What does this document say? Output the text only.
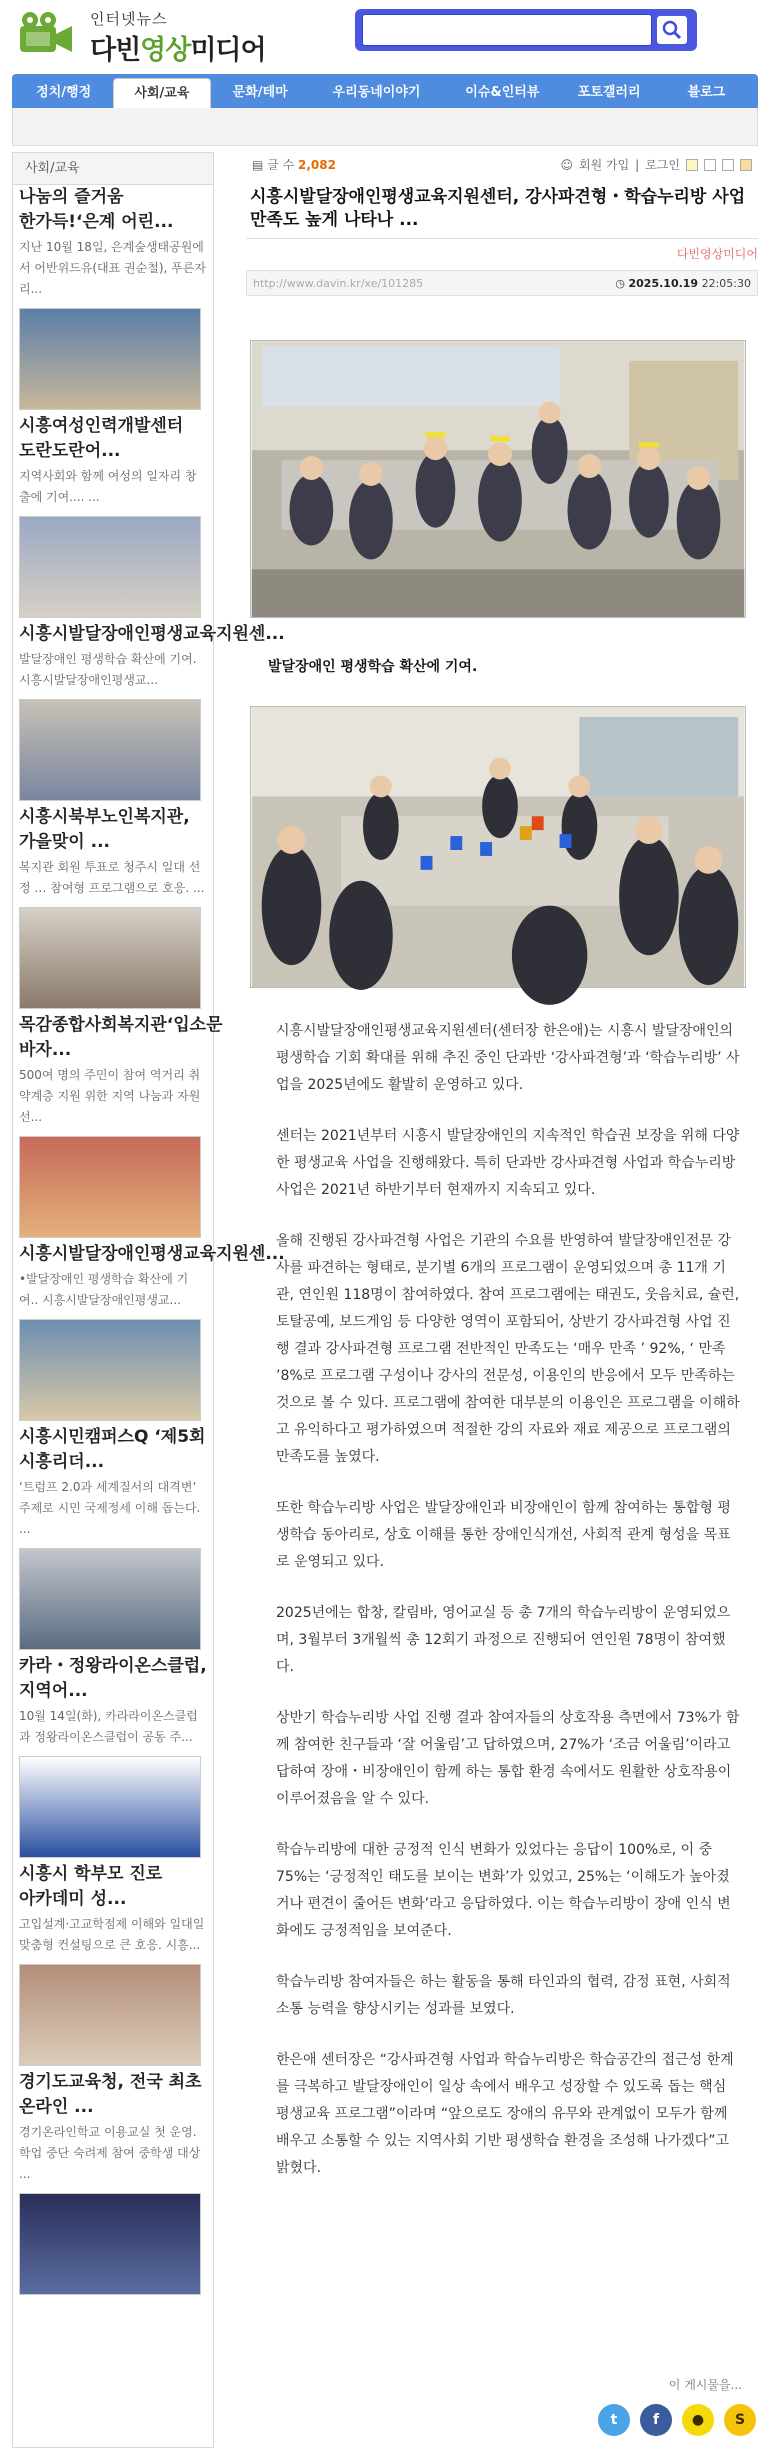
인터넷뉴스
다빈영상미디어
정치/행정	사회/교육	문화/테마	우리동네이야기	이슈&인터뷰	포토갤러리	블로그
사회/교육
나눔의 즐거움 한가득!‘은계 어린...
지난 10월 18일, 은계숲생태공원에서 어반위드유(대표 권순철), 푸른자리...
시흥여성인력개발센터 도란도란어...
지역사회와 함께 여성의 일자리 창출에 기여.... ...
시흥시발달장애인평생교육지원센...
발달장애인 평생학습 확산에 기여. 시흥시발달장애인평생교...
시흥시북부노인복지관, 가을맞이 ...
복지관 회원 투표로 청주시 일대 선정 … 참여형 프로그램으로 호응. ...
목감종합사회복지관‘입소문 바자...
500여 명의 주민이 참여 역거리 취약계층 지원 위한 지역 나눔과 자원 선...
시흥시발달장애인평생교육지원센...
•발달장애인 평생학습 확산에 기여.. 시흥시발달장애인평생교...
시흥시민캠퍼스Q ‘제5회 시흥리더...
‘트럼프 2.0과 세계질서의 대격변’ 주제로 시민 국제정세 이해 돕는다. ...
카라・정왕라이온스클럽, 지역어...
10월 14일(화), 카라라이온스클럽과 정왕라이온스클럽이 공동 주...
시흥시 학부모 진로 아카데미 성...
고입설계·고교학점제 이해와 일대일 맞춤형 컨설팅으로 큰 호응. 시흥...
경기도교육청, 전국 최초 온라인 ...
경기온라인학교 이용교실 첫 운영. 학업 중단 숙려제 참여 중학생 대상 ...
▤ 글 수 2,082	☺ 회원 가입 | 로그인
시흥시발달장애인평생교육지원센터, 강사파견형・학습누리방 사업 만족도 높게 나타나 ...
다빈영상미디어
http://www.davin.kr/xe/101285	◷ 2025.10.19 22:05:30
발달장애인 평생학습 확산에 기여.

시흥시발달장애인평생교육지원센터(센터장 한은애)는 시흥시 발달장애인의 평생학습 기회 확대를 위해 추진 중인 단과반 ‘강사파견형’과 ‘학습누리방’ 사업을 2025년에도 활발히 운영하고 있다.

센터는 2021년부터 시흥시 발달장애인의 지속적인 학습권 보장을 위해 다양한 평생교육 사업을 진행해왔다. 특히 단과반 강사파견형 사업과 학습누리방 사업은 2021년 하반기부터 현재까지 지속되고 있다.

올해 진행된 강사파견형 사업은 기관의 수요를 반영하여 발달장애인전문 강사를 파견하는 형태로, 분기별 6개의 프로그램이 운영되었으며 총 11개 기관, 연인원 118명이 참여하였다. 참여 프로그램에는 태권도, 웃음치료, 슐런, 토탈공예, 보드게임 등 다양한 영역이 포함되어, 상반기 강사파견형 사업 진행 결과 강사파견형 프로그램 전반적인 만족도는 ‘매우 만족 ’ 92%, ‘ 만족 ’8%로 프로그램 구성이나 강사의 전문성, 이용인의 반응에서 모두 만족하는 것으로 볼 수 있다. 프로그램에 참여한 대부분의 이용인은 프로그램을 이해하고 유익하다고 평가하였으며 적절한 강의 자료와 재료 제공으로 프로그램의 만족도를 높였다.

또한 학습누리방 사업은 발달장애인과 비장애인이 함께 참여하는 통합형 평생학습 동아리로, 상호 이해를 통한 장애인식개선, 사회적 관계 형성을 목표로 운영되고 있다.

2025년에는 합창, 칼림바, 영어교실 등 총 7개의 학습누리방이 운영되었으며, 3월부터 3개월씩 총 12회기 과정으로 진행되어 연인원 78명이 참여했다.

상반기 학습누리방 사업 진행 결과 참여자들의 상호작용 측면에서 73%가 함께 참여한 친구들과 ‘잘 어울림’고 답하였으며, 27%가 ‘조금 어울림’이라고 답하여 장애・비장애인이 함께 하는 통합 환경 속에서도 원활한 상호작용이 이루어졌음을 알 수 있다.

학습누리방에 대한 긍정적 인식 변화가 있었다는 응답이 100%로, 이 중 75%는 ‘긍정적인 태도를 보이는 변화’가 있었고, 25%는 ‘이해도가 높아졌거나 편견이 줄어든 변화’라고 응답하였다. 이는 학습누리방이 장애 인식 변화에도 긍정적임을 보여준다.

학습누리방 참여자들은 하는 활동을 통해 타인과의 협력, 감정 표현, 사회적 소통 능력을 향상시키는 성과를 보였다.

한은애 센터장은 “강사파견형 사업과 학습누리방은 학습공간의 접근성 한계를 극복하고 발달장애인이 일상 속에서 배우고 성장할 수 있도록 돕는 핵심 평생교육 프로그램”이라며 “앞으로도 장애의 유무와 관계없이 모두가 함께 배우고 소통할 수 있는 지역사회 기반 평생학습 환경을 조성해 나가겠다”고 밝혔다.

이 게시물을...
t	f	●	S
